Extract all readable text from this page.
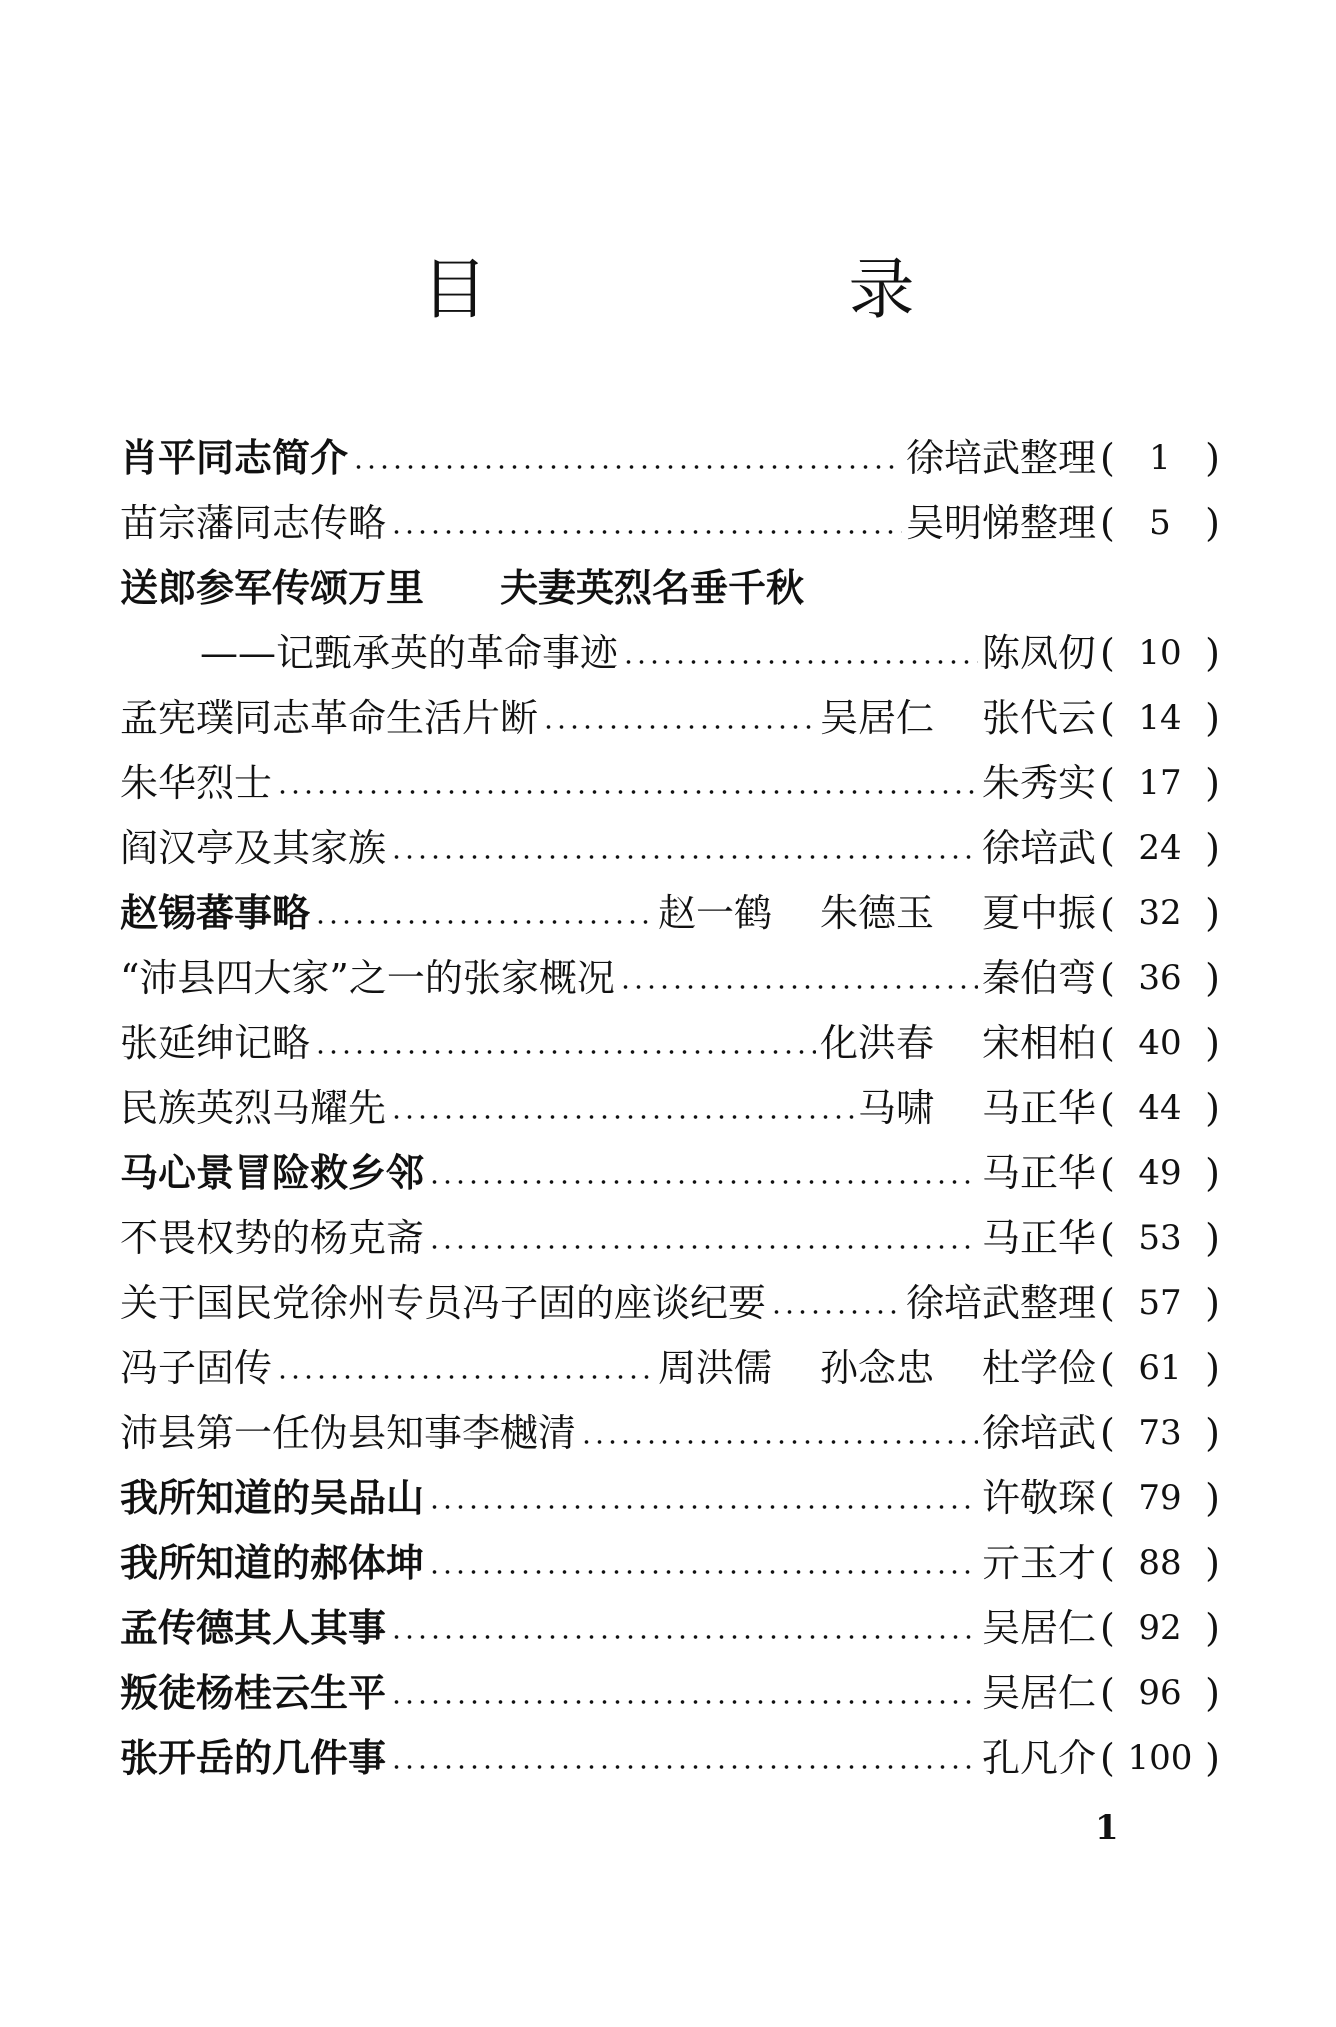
目 录
肖平同志简介	徐培武整理 (	1 )
苗宗藩同志传略	吴明悌整理 (	5 )
送郎参军传颂万里　　夫妻英烈名垂千秋
——记甄承英的革命事迹	陈凤仞 ( 10 )
孟宪璞同志革命生活片断	吴居仁 张代云 ( 14 )
朱华烈士	朱秀实 ( 17 )
阎汉亭及其家族	徐培武 ( 24 )
赵锡蕃事略	赵一鹤 朱德玉 夏中振 ( 32 )
“沛县四大家”之一的张家概况	秦伯弯 ( 36 )
张延绅记略	化洪春 宋相柏 ( 40 )
民族英烈马耀先	马啸 马正华 ( 44 )
马心景冒险救乡邻	马正华 ( 49 )
不畏权势的杨克斋	马正华 ( 53 )
关于国民党徐州专员冯子固的座谈纪要	徐培武整理 ( 57 )
冯子固传	周洪儒 孙念忠 杜学俭 ( 61 )
沛县第一任伪县知事李樾清	徐培武 ( 73 )
我所知道的吴品山	许敬琛 ( 79 )
我所知道的郝体坤	亓玉才 ( 88 )
孟传德其人其事	吴居仁 ( 92 )
叛徒杨桂云生平	吴居仁 ( 96 )
张开岳的几件事	孔凡介 ( 100 )
1
